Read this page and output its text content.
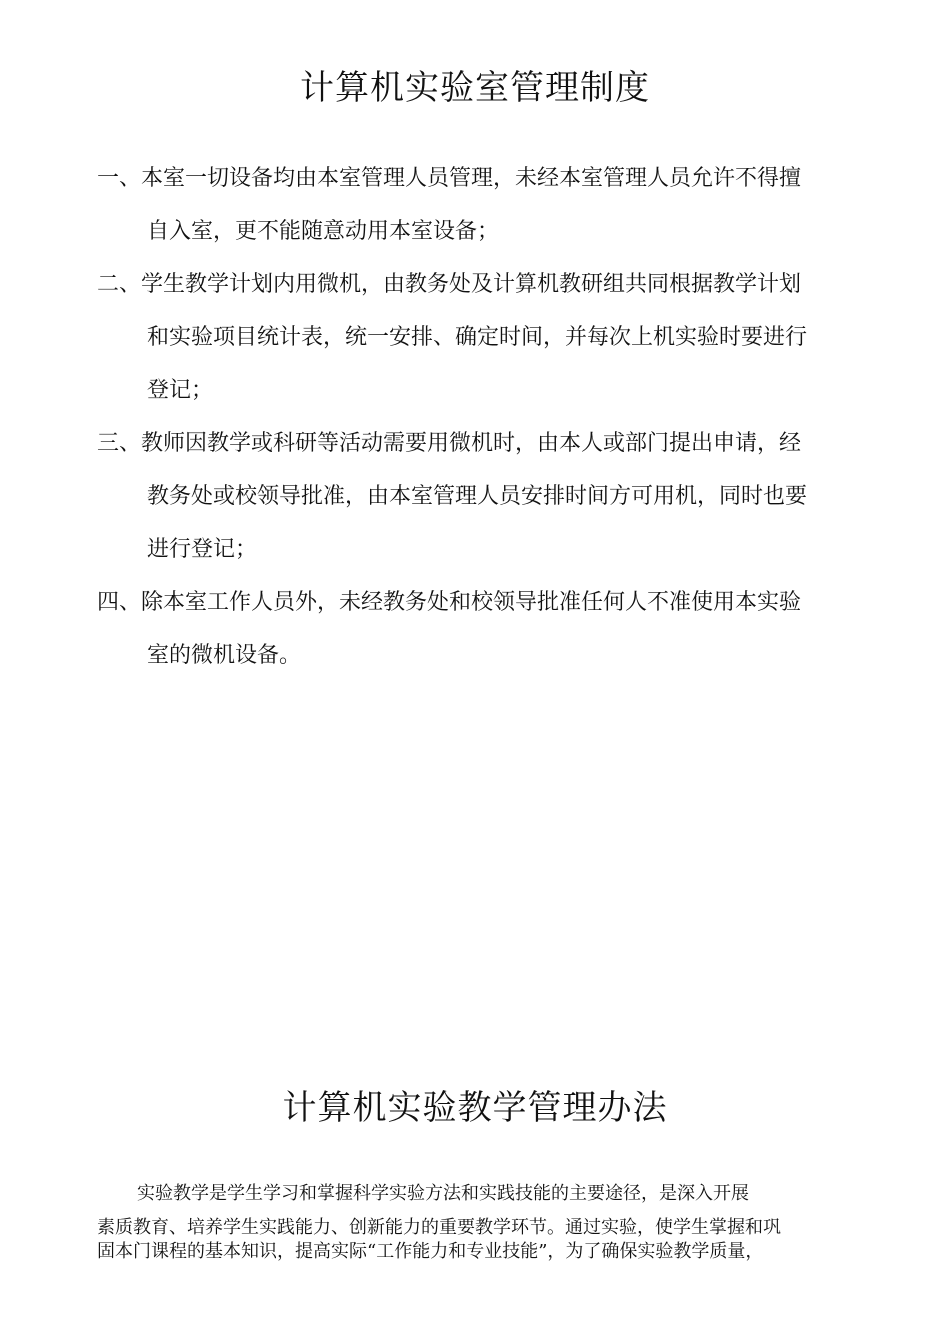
计算机实验室管理制度
一、 本室一切设备均由本室管理人员管理，未经本室管理人员允许不得擅
自入室，更不能随意动用本室设备；
二、 学生教学计划内用微机，由教务处及计算机教研组共同根据教学计划
和实验项目统计表，统一安排、确定时间，并每次上机实验时要进行
登记；
三、 教师因教学或科研等活动需要用微机时，由本人或部门提出申请，经
教务处或校领导批准，由本室管理人员安排时间方可用机，同时也要
进行登记；
四、 除本室工作人员外，未经教务处和校领导批准任何人不准使用本实验
室的微机设备。
计算机实验教学管理办法

实验教学是学生学习和掌握科学实验方法和实践技能的主要途径，是深入开展

素质教育、培养学生实践能力、创新能力的重要教学环节。通过实验，使学生掌握和巩

固本门课程的基本知识，提高实际“工作能力和专业技能”，为了确保实验教学质量，
